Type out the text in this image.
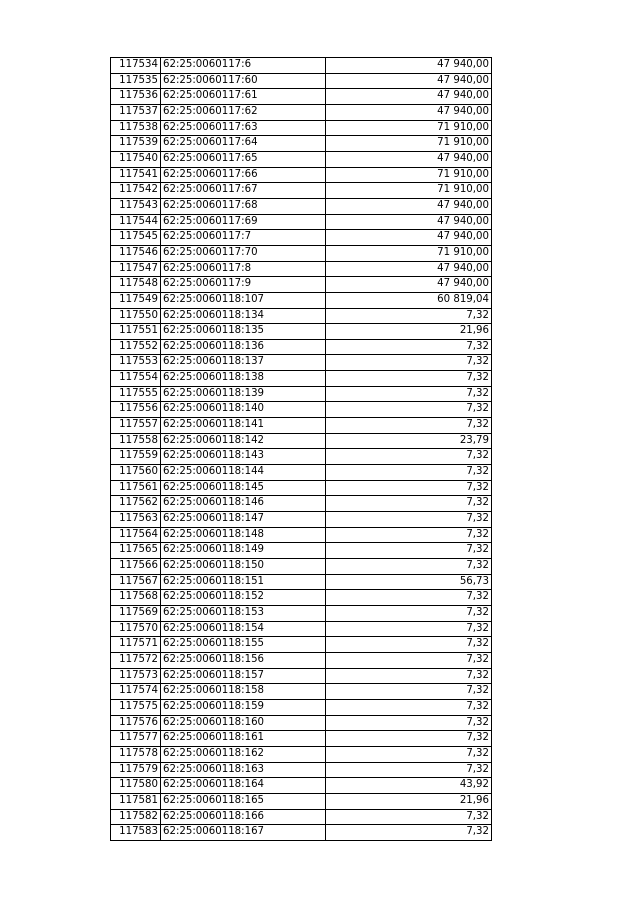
117534	62:25:0060117:6	47 940,00
117535	62:25:0060117:60	47 940,00
117536	62:25:0060117:61	47 940,00
117537	62:25:0060117:62	47 940,00
117538	62:25:0060117:63	71 910,00
117539	62:25:0060117:64	71 910,00
117540	62:25:0060117:65	47 940,00
117541	62:25:0060117:66	71 910,00
117542	62:25:0060117:67	71 910,00
117543	62:25:0060117:68	47 940,00
117544	62:25:0060117:69	47 940,00
117545	62:25:0060117:7	47 940,00
117546	62:25:0060117:70	71 910,00
117547	62:25:0060117:8	47 940,00
117548	62:25:0060117:9	47 940,00
117549	62:25:0060118:107	60 819,04
117550	62:25:0060118:134	7,32
117551	62:25:0060118:135	21,96
117552	62:25:0060118:136	7,32
117553	62:25:0060118:137	7,32
117554	62:25:0060118:138	7,32
117555	62:25:0060118:139	7,32
117556	62:25:0060118:140	7,32
117557	62:25:0060118:141	7,32
117558	62:25:0060118:142	23,79
117559	62:25:0060118:143	7,32
117560	62:25:0060118:144	7,32
117561	62:25:0060118:145	7,32
117562	62:25:0060118:146	7,32
117563	62:25:0060118:147	7,32
117564	62:25:0060118:148	7,32
117565	62:25:0060118:149	7,32
117566	62:25:0060118:150	7,32
117567	62:25:0060118:151	56,73
117568	62:25:0060118:152	7,32
117569	62:25:0060118:153	7,32
117570	62:25:0060118:154	7,32
117571	62:25:0060118:155	7,32
117572	62:25:0060118:156	7,32
117573	62:25:0060118:157	7,32
117574	62:25:0060118:158	7,32
117575	62:25:0060118:159	7,32
117576	62:25:0060118:160	7,32
117577	62:25:0060118:161	7,32
117578	62:25:0060118:162	7,32
117579	62:25:0060118:163	7,32
117580	62:25:0060118:164	43,92
117581	62:25:0060118:165	21,96
117582	62:25:0060118:166	7,32
117583	62:25:0060118:167	7,32
